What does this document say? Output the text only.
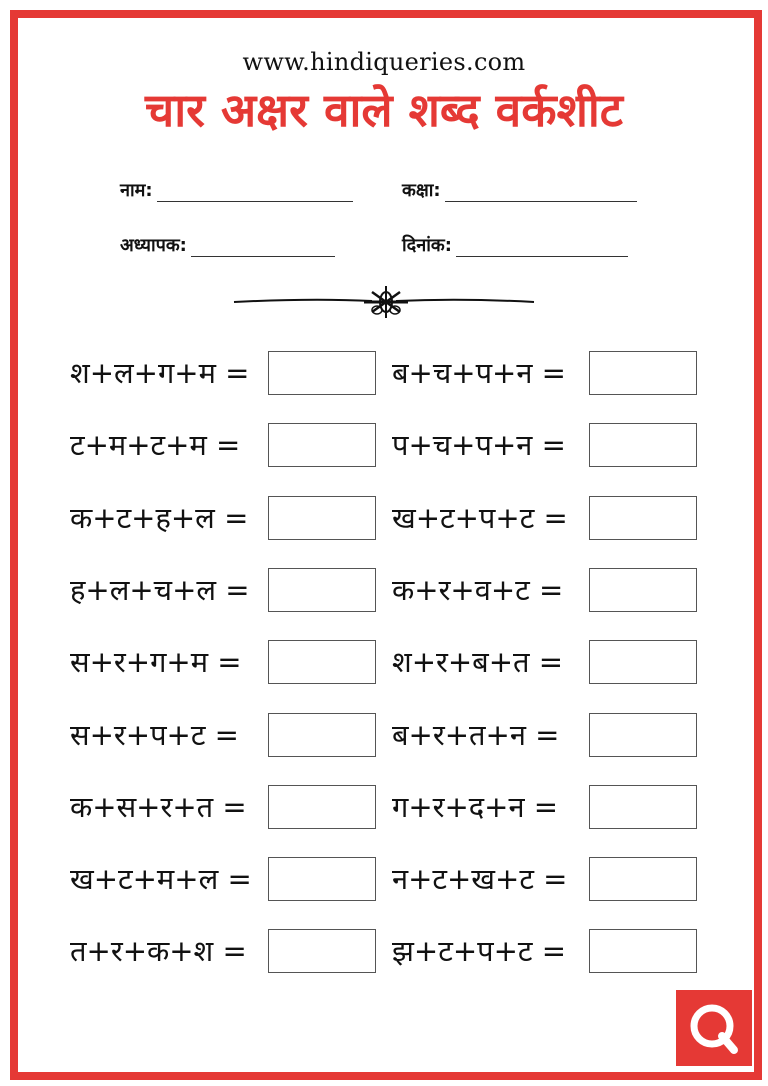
www.hindiqueries.com
चार अक्षर वाले शब्द वर्कशीट
नाम:	कक्षा:
अध्यापक:	दिनांक:
श+ल+ग+म =	ब+च+प+न =
ट+म+ट+म =	प+च+प+न =
क+ट+ह+ल =	ख+ट+प+ट =
ह+ल+च+ल =	क+र+व+ट =
स+र+ग+म =	श+र+ब+त =
स+र+प+ट =	ब+र+त+न =
क+स+र+त =	ग+र+द+न =
ख+ट+म+ल =	न+ट+ख+ट =
त+र+क+श =	झ+ट+प+ट =
